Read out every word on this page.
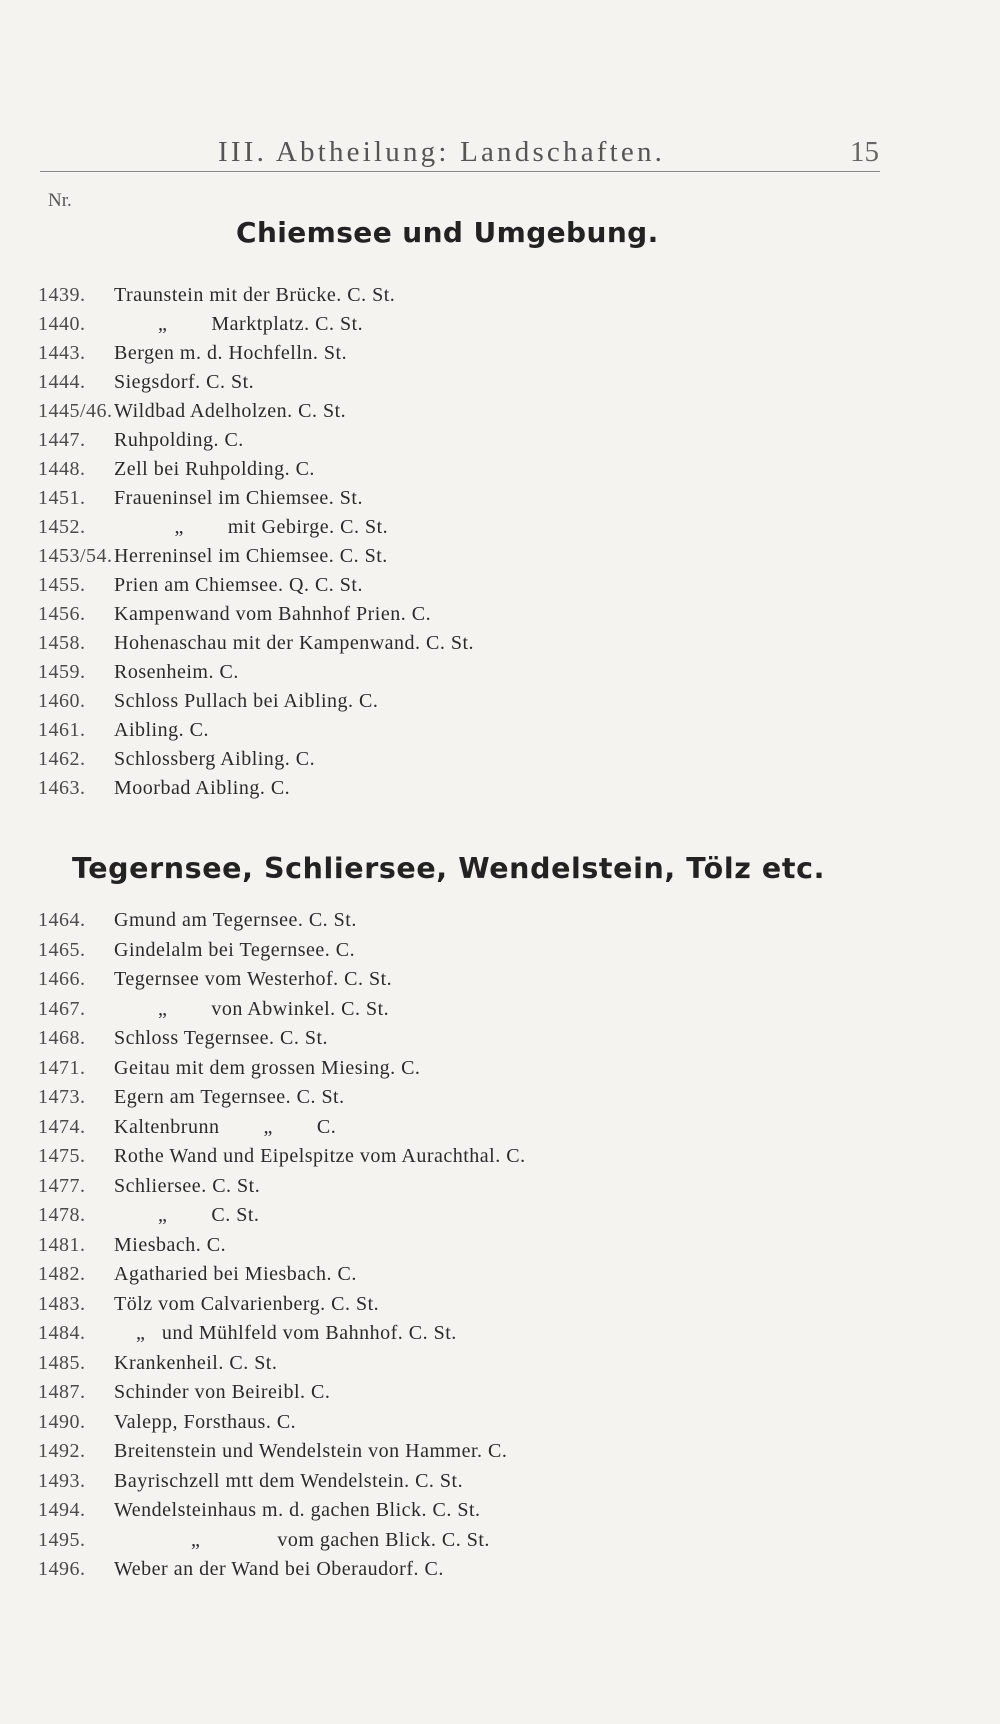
III. Abtheilung: Landschaften.	15
Nr.
Chiemsee und Umgebung.
1439. Traunstein mit der Brücke. C. St.
1440.        „        Marktplatz. C. St.
1443. Bergen m. d. Hochfelln. St.
1444. Siegsdorf. C. St.
1445/46.Wildbad Adelholzen. C. St.
1447. Ruhpolding. C.
1448. Zell bei Ruhpolding. C.
1451. Fraueninsel im Chiemsee. St.
1452.           „        mit Gebirge. C. St.
1453/54.Herreninsel im Chiemsee. C. St.
1455. Prien am Chiemsee. Q. C. St.
1456. Kampenwand vom Bahnhof Prien. C.
1458. Hohenaschau mit der Kampenwand. C. St.
1459. Rosenheim. C.
1460. Schloss Pullach bei Aibling. C.
1461. Aibling. C.
1462. Schlossberg Aibling. C.
1463. Moorbad Aibling. C.
Tegernsee, Schliersee, Wendelstein, Tölz etc.
1464. Gmund am Tegernsee. C. St.
1465. Gindelalm bei Tegernsee. C.
1466. Tegernsee vom Westerhof. C. St.
1467.        „        von Abwinkel. C. St.
1468. Schloss Tegernsee. C. St.
1471. Geitau mit dem grossen Miesing. C.
1473. Egern am Tegernsee. C. St.
1474. Kaltenbrunn        „        C.
1475. Rothe Wand und Eipelspitze vom Aurachthal. C.
1477. Schliersee. C. St.
1478.        „        C. St.
1481. Miesbach. C.
1482. Agatharied bei Miesbach. C.
1483. Tölz vom Calvarienberg. C. St.
1484.    „   und Mühlfeld vom Bahnhof. C. St.
1485. Krankenheil. C. St.
1487. Schinder von Beireibl. C.
1490. Valepp, Forsthaus. C.
1492. Breitenstein und Wendelstein von Hammer. C.
1493. Bayrischzell mtt dem Wendelstein. C. St.
1494. Wendelsteinhaus m. d. gachen Blick. C. St.
1495.              „              vom gachen Blick. C. St.
1496. Weber an der Wand bei Oberaudorf. C.
